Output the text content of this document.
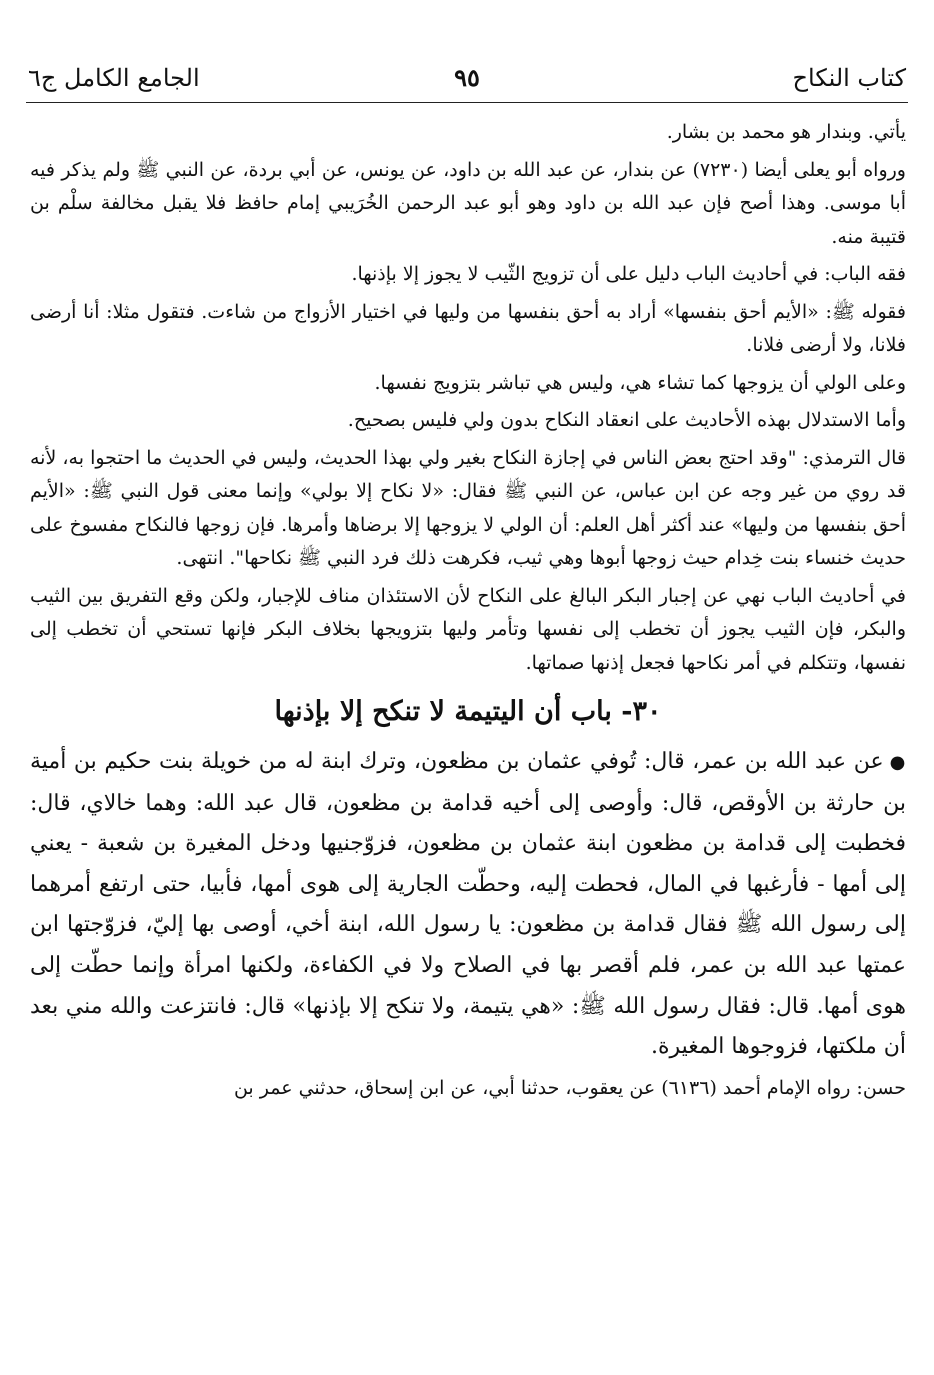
كتاب النكاح
٩٥
الجامع الكامل ج٦

يأتي. وبندار هو محمد بن بشار.

ورواه أبو يعلى أيضا (٧٢٣٠) عن بندار، عن عبد الله بن داود، عن يونس، عن أبي بردة، عن النبي ﷺ ولم يذكر فيه أبا موسى. وهذا أصح فإن عبد الله بن داود وهو أبو عبد الرحمن الخُرَيبي إمام حافظ فلا يقبل مخالفة سلْم بن قتيبة منه.

فقه الباب: في أحاديث الباب دليل على أن تزويج الثّيب لا يجوز إلا بإذنها.

فقوله ﷺ: «الأيم أحق بنفسها» أراد به أحق بنفسها من وليها في اختيار الأزواج من شاءت. فتقول مثلا: أنا أرضى فلانا، ولا أرضى فلانا.

وعلى الولي أن يزوجها كما تشاء هي، وليس هي تباشر بتزويج نفسها.

وأما الاستدلال بهذه الأحاديث على انعقاد النكاح بدون ولي فليس بصحيح.

قال الترمذي: "وقد احتج بعض الناس في إجازة النكاح بغير ولي بهذا الحديث، وليس في الحديث ما احتجوا به، لأنه قد روي من غير وجه عن ابن عباس، عن النبي ﷺ فقال: «لا نكاح إلا بولي» وإنما معنى قول النبي ﷺ: «الأيم أحق بنفسها من وليها» عند أكثر أهل العلم: أن الولي لا يزوجها إلا برضاها وأمرها. فإن زوجها فالنكاح مفسوخ على حديث خنساء بنت خِدام حيث زوجها أبوها وهي ثيب، فكرهت ذلك فرد النبي ﷺ نكاحها". انتهى.

في أحاديث الباب نهي عن إجبار البكر البالغ على النكاح لأن الاستئذان مناف للإجبار، ولكن وقع التفريق بين الثيب والبكر، فإن الثيب يجوز أن تخطب إلى نفسها وتأمر وليها بتزويجها بخلاف البكر فإنها تستحي أن تخطب إلى نفسها، وتتكلم في أمر نكاحها فجعل إذنها صماتها.

٣٠- باب أن اليتيمة لا تنكح إلا بإذنها

●عن عبد الله بن عمر، قال: تُوفي عثمان بن مظعون، وترك ابنة له من خويلة بنت حكيم بن أمية بن حارثة بن الأوقص، قال: وأوصى إلى أخيه قدامة بن مظعون، قال عبد الله: وهما خالاي، قال: فخطبت إلى قدامة بن مظعون ابنة عثمان بن مظعون، فزوّجنيها ودخل المغيرة بن شعبة - يعني إلى أمها - فأرغبها في المال، فحطت إليه، وحطّت الجارية إلى هوى أمها، فأبيا، حتى ارتفع أمرهما إلى رسول الله ﷺ فقال قدامة بن مظعون: يا رسول الله، ابنة أخي، أوصى بها إليّ، فزوّجتها ابن عمتها عبد الله بن عمر، فلم أقصر بها في الصلاح ولا في الكفاءة، ولكنها امرأة وإنما حطّت إلى هوى أمها. قال: فقال رسول الله ﷺ: «هي يتيمة، ولا تنكح إلا بإذنها» قال: فانتزعت والله مني بعد أن ملكتها، فزوجوها المغيرة.

حسن: رواه الإمام أحمد (٦١٣٦) عن يعقوب، حدثنا أبي، عن ابن إسحاق، حدثني عمر بن
